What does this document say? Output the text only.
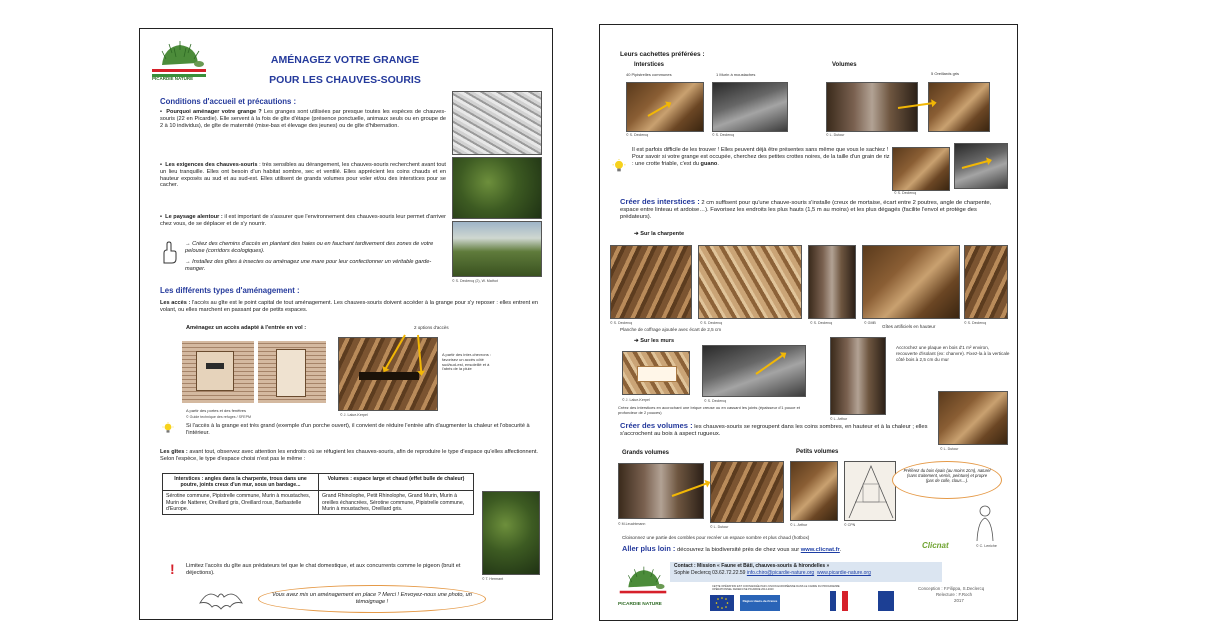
PICARDIE NATURE
AMÉNAGEZ VOTRE GRANGE
POUR LES CHAUVES-SOURIS
Conditions d'accueil et précautions :
•  Pourquoi aménager votre grange ? Les granges sont utilisées par presque toutes les espèces de chauves-souris (22 en Picardie). Elle servent à la fois de gîte d'étape (présence ponctuelle, animaux seuls ou en groupe de 2 à 10 individus), de gîte de maternité (mise-bas et élevage des jeunes) ou de gîte d'hibernation.
•  Les exigences des chauves-souris : très sensibles au dérangement, les chauves-souris recherchent avant tout un lieu tranquille. Elles ont besoin d'un habitat sombre, sec et ventilé. Elles apprécient les coins chauds et en hauteur exposés au sud et au sud-est. Elles utilisent de grands volumes pour voler et/ou des interstices pour se cacher.
•  Le paysage alentour : il est important de s'assurer que l'environnement des chauves-souris leur permet d'arriver chez vous, de se déplacer et de s'y nourrir.
→ Créez des chemins d'accès en plantant des haies ou en fauchant tardivement des zones de votre pelouse (corridors écologiques).
→ Installez des gîtes à insectes ou aménagez une mare pour leur confectionner un véritable garde-manger.
© S. Declercq (2), W. Mathot
Les différents types d'aménagement :
Les accès : l'accès au gîte est le point capital de tout aménagement. Les chauves-souris doivent accéder à la grange pour s'y reposer : elles entrent en volant, ou elles marchent en passant par de petits espaces.
Aménagez un accès adapté à l'entrée en vol :	2 options d'accès
A partir des portes et des fenêtres
© Guide technique des refuges / SFEPM	© J. Lalue-Kerpel
A partir des inter-chevrons : favorisez un accès côté sud/sud-est, ensoleillé et à l'abris de la pluie
Si l'accès à la grange est très grand (exemple d'un porche ouvert), il convient de réduire l'entrée afin d'augmenter la chaleur et l'obscurité à l'intérieur.
Les gîtes : avant tout, observez avec attention les endroits où se réfugient les chauves-souris, afin de reproduire le type d'espace qu'elles affectionnent. Selon l'espèce, le type d'espace choisi n'est pas le même :
Interstices : angles dans la charpente, trous dans une poutre, joints creux d'un mur, sous un bardage...	Volumes : espace large et chaud (effet bulle de chaleur)
Sérotine commune, Pipistrelle commune, Murin à moustaches, Murin de Natterer, Oreillard gris, Oreillard roux, Barbastelle d'Europe.	Grand Rhinolophe, Petit Rhinolophe, Grand Murin, Murin à oreilles échancrées, Sérotine commune, Pipistrelle commune, Murin à moustaches, Oreillard gris.
© T. Hermant
! Limitez l'accès du gîte aux prédateurs tel que le chat domestique, et aux concurrents comme le pigeon (bruit et déjections).
Vous avez mis un aménagement en place ? Merci ! Envoyez-nous une photo, un témoignage !
Leurs cachettes préférées :
Interstices	Volumes
40 Pipistrelles communes	1 Murin à moustaches	5 Oreillards gris
© S. Declercq	© S. Declercq	© L. Dutour
Il est parfois difficile de les trouver ! Elles peuvent déjà être présentes sans même que vous le sachiez ! Pour savoir si votre grange est occupée, cherchez des petites crottes noires, de la taille d'un grain de riz : une crotte friable, c'est du guano.
© S. Declercq
Créer des interstices : 2 cm suffisent pour qu'une chauve-souris s'installe (creux de mortaise, écart entre 2 poutres, angle de charpente, espace entre linteau et ardoise…). Favorisez les endroits les plus hauts (1,5 m au moins) et les plus dégagés (facilite l'envol et protège des prédateurs).
➔ Sur la charpente
© S. Declercq	© S. Declercq	© S. Declercq	© GMB	© S. Declercq
Planche de coffrage ajoutée avec écart de 2,5 cm
Gîtes artificiels en hauteur
➔ Sur les murs
© J. Lalue-Kerpel	© S. Declercq
Créez des interstices en accrochant une brique creuse ou en cassant les joints (épaisseur d'1 pouce et profondeur de 2 pouces)
© L. Arthur
Accrochez une plaque en bois d'1 m² environ, recouverte d'isolant (ex: chanvre). Fixez-la à la verticale côté bois à 2,5 cm du mur
© L. Dutour
Créer des volumes : les chauves-souris se regroupent dans les coins sombres, en hauteur et à la chaleur ; elles s'accrochent au bois à aspect rugueux.
Grands volumes	Petits volumes
© M.Leuchtmann
© L. Dutour	© L. Arthur	© CPN
Préférez du bois épais (au moins 2cm), naturel (sans traitement, vernis, peinture) et propre (pas de colle, clous…).
© C. Leniche
Cloisonnez une partie des combles pour recréer un espace sombre et plus chaud (hotbox)
Aller plus loin : découvrez la biodiversité près de chez vous sur www.clicnat.fr.	Clicnat
Contact : Mission « Faune et Bâti, chauves-souris & hirondelles »
Sophie Declercq 03.62.72.22.59 info.chiro@picardie-nature.org www.picardie-nature.org
PICARDIE NATURE
CETTE OPÉRATION EST COFINANCÉE PAR L'UNION EUROPÉENNE DANS LE CADRE DU PROGRAMME OPÉRATIONNEL FEDER-FSE PICARDIE 2014-2020
Région Hauts-de-France
Conception : F.Filippa, S.Declercq
Relecture : F.Roch
2017
